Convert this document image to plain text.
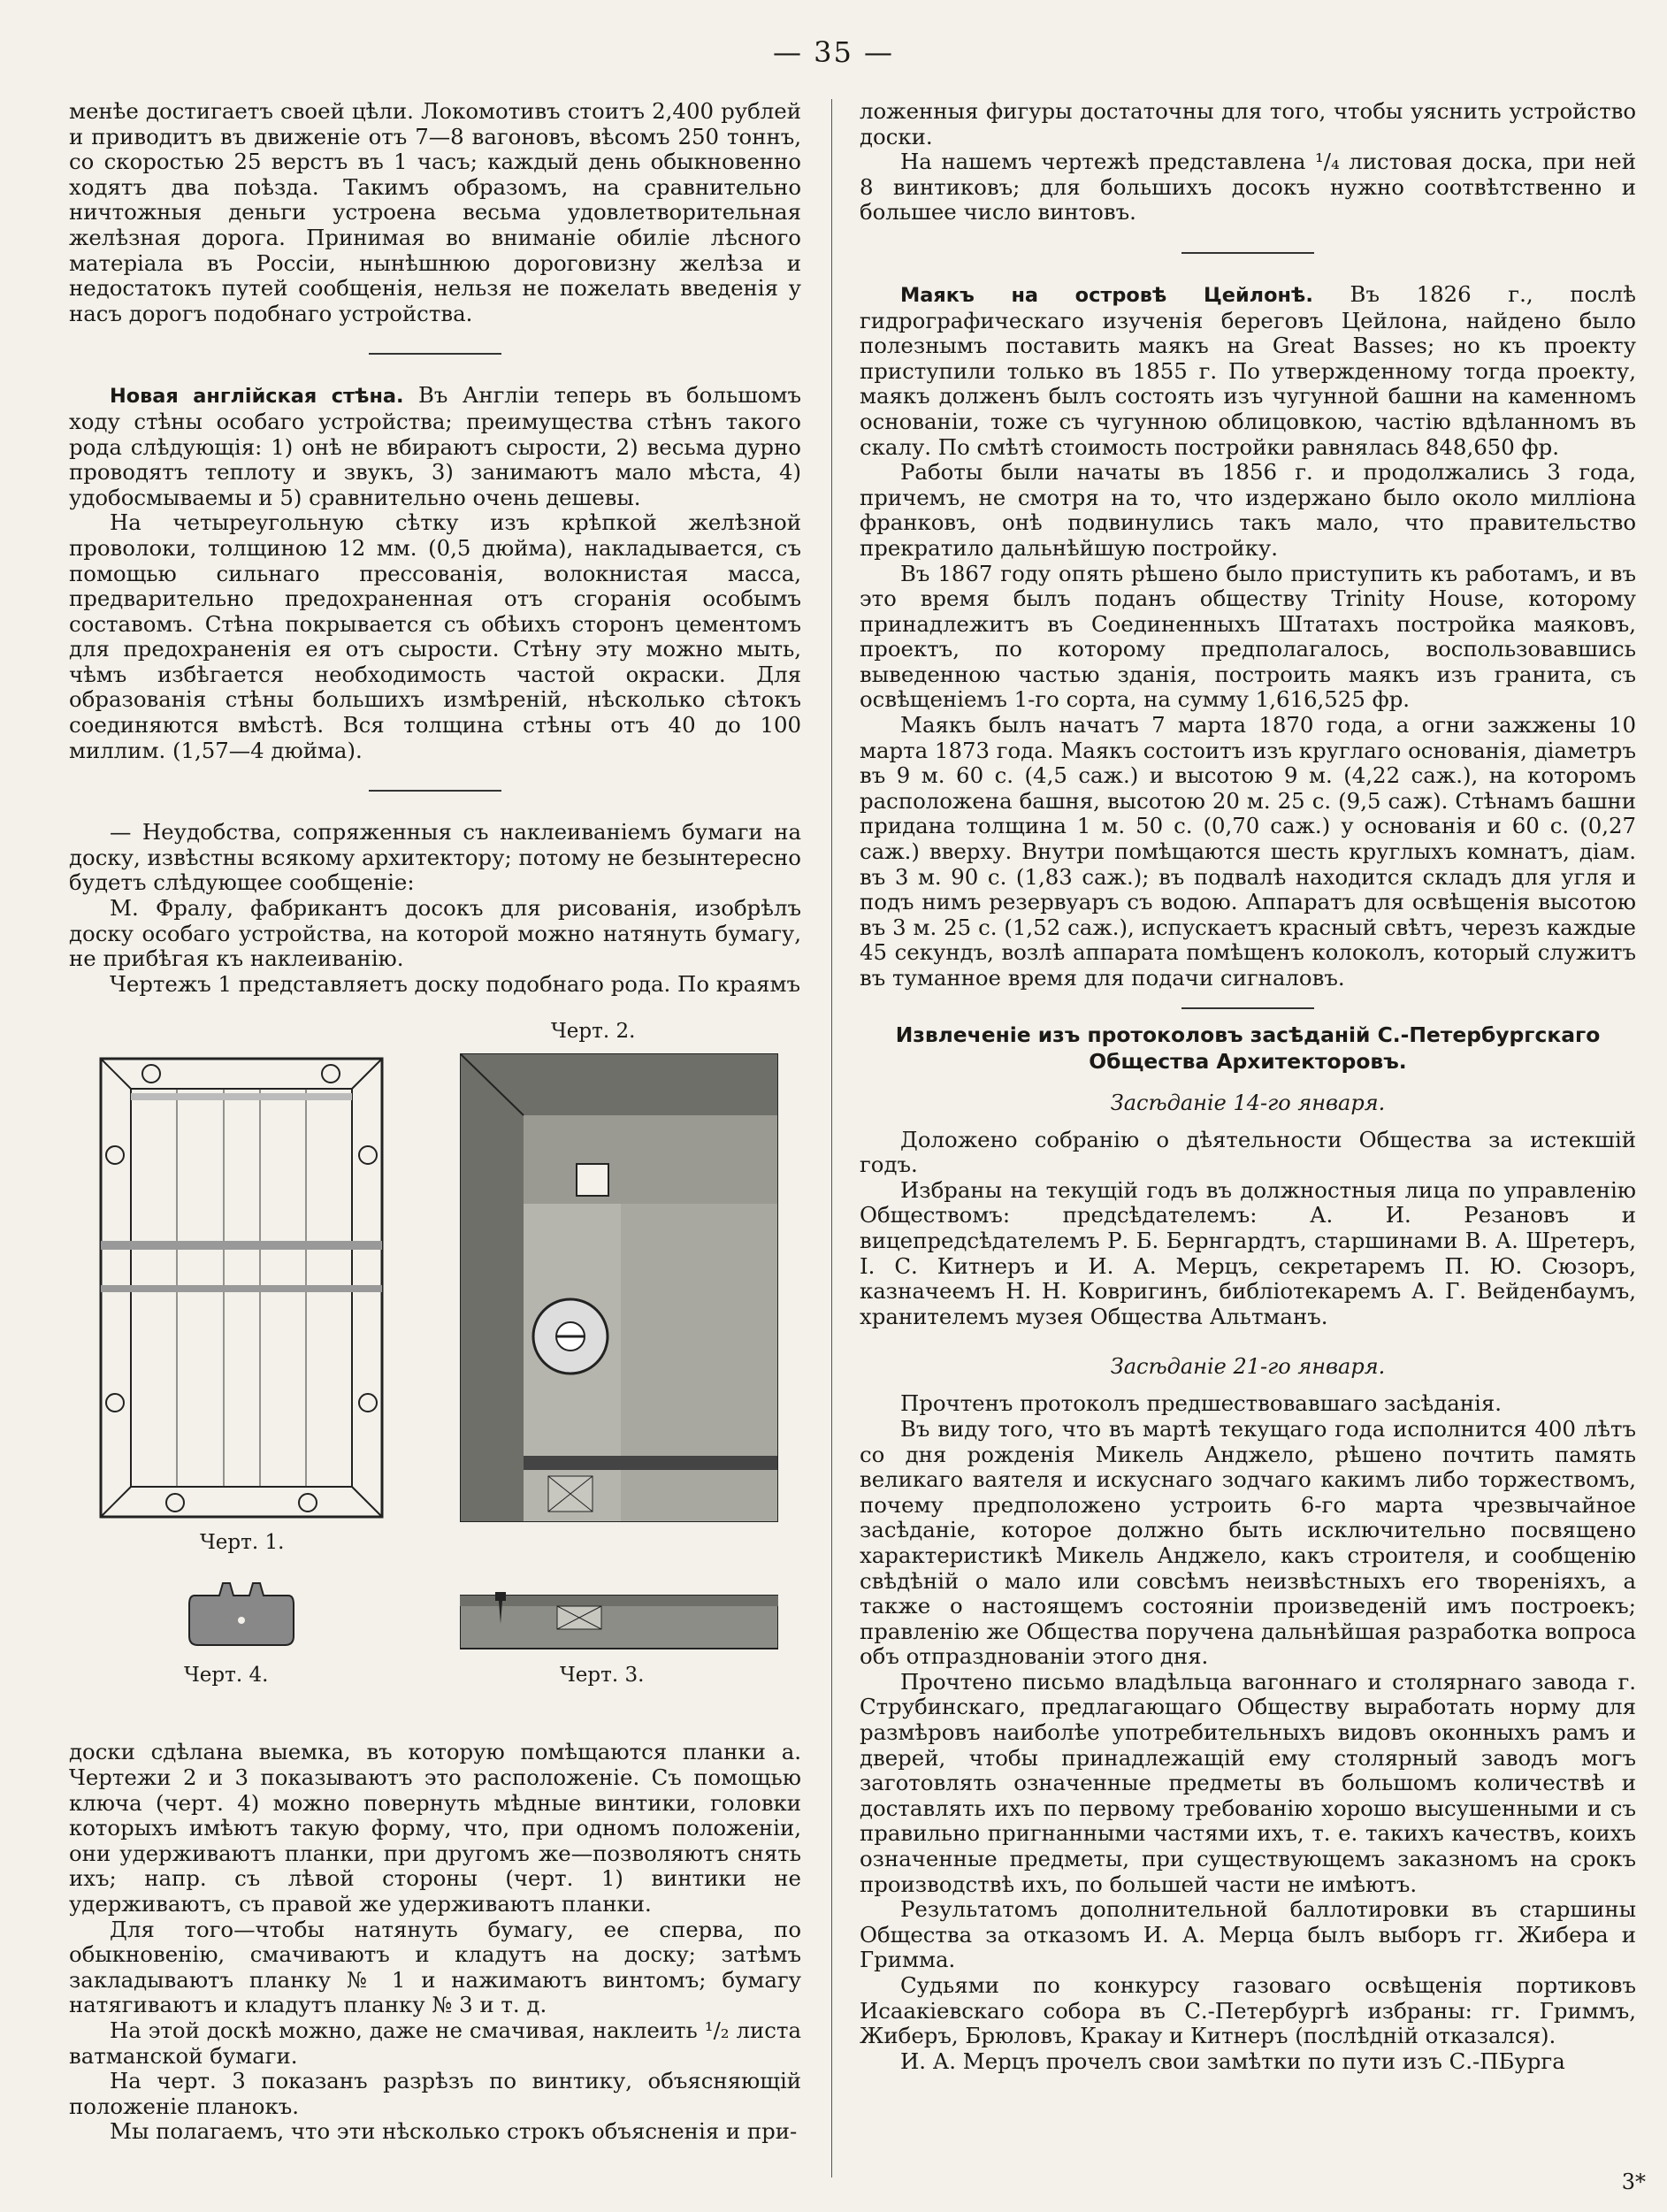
— 35 —

менѣе достигаетъ своей цѣли. Локомотивъ стоитъ 2,400 рублей и приводитъ въ движеніе отъ 7—8 вагоновъ, вѣсомъ 250 тоннъ, со скоростью 25 верстъ въ 1 часъ; каждый день обыкновенно ходятъ два поѣзда. Такимъ образомъ, на сравнительно ничтожныя деньги устроена весьма удовлетворительная желѣзная дорога. Принимая во вниманіе обиліе лѣсного матеріала въ Россіи, нынѣшнюю дороговизну желѣза и недостатокъ путей сообщенія, нельзя не пожелать введенія у насъ дорогъ подобнаго устройства.

Новая англійская стѣна. Въ Англіи теперь въ большомъ ходу стѣны особаго устройства; преимущества стѣнъ такого рода слѣдующія: 1) онѣ не вбираютъ сырости, 2) весьма дурно проводятъ теплоту и звукъ, 3) занимаютъ мало мѣста, 4) удобосмываемы и 5) сравнительно очень дешевы.

На четыреугольную сѣтку изъ крѣпкой желѣзной проволоки, толщиною 12 мм. (0,5 дюйма), накладывается, съ помощью сильнаго прессованія, волокнистая масса, предварительно предохраненная отъ сгоранія особымъ составомъ. Стѣна покрывается съ обѣихъ сторонъ цементомъ для предохраненія ея отъ сырости. Стѣну эту можно мыть, чѣмъ избѣгается необходимость частой окраски. Для образованія стѣны большихъ измѣреній, нѣсколько сѣтокъ соединяются вмѣстѣ. Вся толщина стѣны отъ 40 до 100 миллим. (1,57—4 дюйма).

— Неудобства, сопряженныя съ наклеиваніемъ бумаги на доску, извѣстны всякому архитектору; потому не безынтересно будетъ слѣдующее сообщеніе:

М. Фралу, фабрикантъ досокъ для рисованія, изобрѣлъ доску особаго устройства, на которой можно натянуть бумагу, не прибѣгая къ наклеиванію.

Чертежъ 1 представляетъ доску подобнаго рода. По краямъ

Черт. 2.
Черт. 1.
Черт. 4.	Черт. 3.

доски сдѣлана выемка, въ которую помѣщаются планки a. Чертежи 2 и 3 показываютъ это расположеніе. Съ помощью ключа (черт. 4) можно повернуть мѣдные винтики, головки которыхъ имѣютъ такую форму, что, при одномъ положеніи, они удерживаютъ планки, при другомъ же—позволяютъ снять ихъ; напр. съ лѣвой стороны (черт. 1) винтики не удерживаютъ, съ правой же удерживаютъ планки.

Для того—чтобы натянуть бумагу, ее сперва, по обыкновенію, смачиваютъ и кладутъ на доску; затѣмъ закладываютъ планку № 1 и нажимаютъ винтомъ; бумагу натягиваютъ и кладутъ планку № 3 и т. д.

На этой доскѣ можно, даже не смачивая, наклеить ¹/₂ листа ватманской бумаги.

На черт. 3 показанъ разрѣзъ по винтику, объясняющій положеніе планокъ.

Мы полагаемъ, что эти нѣсколько строкъ объясненія и при-

ложенныя фигуры достаточны для того, чтобы уяснить устройство доски.

На нашемъ чертежѣ представлена ¹/₄ листовая доска, при ней 8 винтиковъ; для большихъ досокъ нужно соотвѣтственно и большее число винтовъ.

Маякъ на островѣ Цейлонѣ. Въ 1826 г., послѣ гидрографическаго изученія береговъ Цейлона, найдено было полезнымъ поставить маякъ на Great Basses; но къ проекту приступили только въ 1855 г. По утвержденному тогда проекту, маякъ долженъ былъ состоять изъ чугунной башни на каменномъ основаніи, тоже съ чугунною облицовкою, частію вдѣланномъ въ скалу. По смѣтѣ стоимость постройки равнялась 848,650 фр.

Работы были начаты въ 1856 г. и продолжались 3 года, причемъ, не смотря на то, что издержано было около милліона франковъ, онѣ подвинулись такъ мало, что правительство прекратило дальнѣйшую постройку.

Въ 1867 году опять рѣшено было приступить къ работамъ, и въ это время былъ поданъ обществу Trinity House, которому принадлежитъ въ Соединенныхъ Штатахъ постройка маяковъ, проектъ, по которому предполагалось, воспользовавшись выведенною частью зданія, построить маякъ изъ гранита, съ освѣщеніемъ 1-го сорта, на сумму 1,616,525 фр.

Маякъ былъ начатъ 7 марта 1870 года, а огни зажжены 10 марта 1873 года. Маякъ состоитъ изъ круглаго основанія, діаметръ въ 9 м. 60 с. (4,5 саж.) и высотою 9 м. (4,22 саж.), на которомъ расположена башня, высотою 20 м. 25 с. (9,5 саж). Стѣнамъ башни придана толщина 1 м. 50 с. (0,70 саж.) у основанія и 60 с. (0,27 саж.) вверху. Внутри помѣщаются шесть круглыхъ комнатъ, діам. въ 3 м. 90 с. (1,83 саж.); въ подвалѣ находится складъ для угля и подъ нимъ резервуаръ съ водою. Аппаратъ для освѣщенія высотою въ 3 м. 25 с. (1,52 саж.), испускаетъ красный свѣтъ, черезъ каждые 45 секундъ, возлѣ аппарата помѣщенъ колоколъ, который служитъ въ туманное время для подачи сигналовъ.

Извлеченіе изъ протоколовъ засѣданій С.-Петербургскаго Общества Архитекторовъ.
Засѣданіе 14-го января.

Доложено собранію о дѣятельности Общества за истекшій годъ.

Избраны на текущій годъ въ должностныя лица по управленію Обществомъ: предсѣдателемъ: А. И. Резановъ и вицепредсѣдателемъ Р. Б. Бернгардтъ, старшинами В. А. Шретеръ, І. С. Китнеръ и И. А. Мерцъ, секретаремъ П. Ю. Сюзоръ, казначеемъ Н. Н. Ковригинъ, библіотекаремъ А. Г. Вейденбаумъ, хранителемъ музея Общества Альтманъ.

Засѣданіе 21-го января.

Прочтенъ протоколъ предшествовавшаго засѣданія.

Въ виду того, что въ мартѣ текущаго года исполнится 400 лѣтъ со дня рожденія Микель Анджело, рѣшено почтить память великаго ваятеля и искуснаго зодчаго какимъ либо торжествомъ, почему предположено устроить 6-го марта чрезвычайное засѣданіе, которое должно быть исключительно посвящено характеристикѣ Микель Анджело, какъ строителя, и сообщенію свѣдѣній о мало или совсѣмъ неизвѣстныхъ его твореніяхъ, а также о настоящемъ состояніи произведеній имъ построекъ; правленію же Общества поручена дальнѣйшая разработка вопроса объ отпразднованіи этого дня.

Прочтено письмо владѣльца вагоннаго и столярнаго завода г. Струбинскаго, предлагающаго Обществу выработать норму для размѣровъ наиболѣе употребительныхъ видовъ оконныхъ рамъ и дверей, чтобы принадлежащій ему столярный заводъ могъ заготовлять означенные предметы въ большомъ количествѣ и доставлять ихъ по первому требованію хорошо высушенными и съ правильно пригнанными частями ихъ, т. е. такихъ качествъ, коихъ означенные предметы, при существующемъ заказномъ на срокъ производствѣ ихъ, по большей части не имѣютъ.

Результатомъ дополнительной баллотировки въ старшины Общества за отказомъ И. А. Мерца былъ выборъ гг. Жибера и Гримма.

Судьями по конкурсу газоваго освѣщенія портиковъ Исаакіевскаго собора въ С.-Петербургѣ избраны: гг. Гриммъ, Жиберъ, Брюловъ, Кракау и Китнеръ (послѣдній отказался).

И. А. Мерцъ прочелъ свои замѣтки по пути изъ С.-ПБурга

3*
